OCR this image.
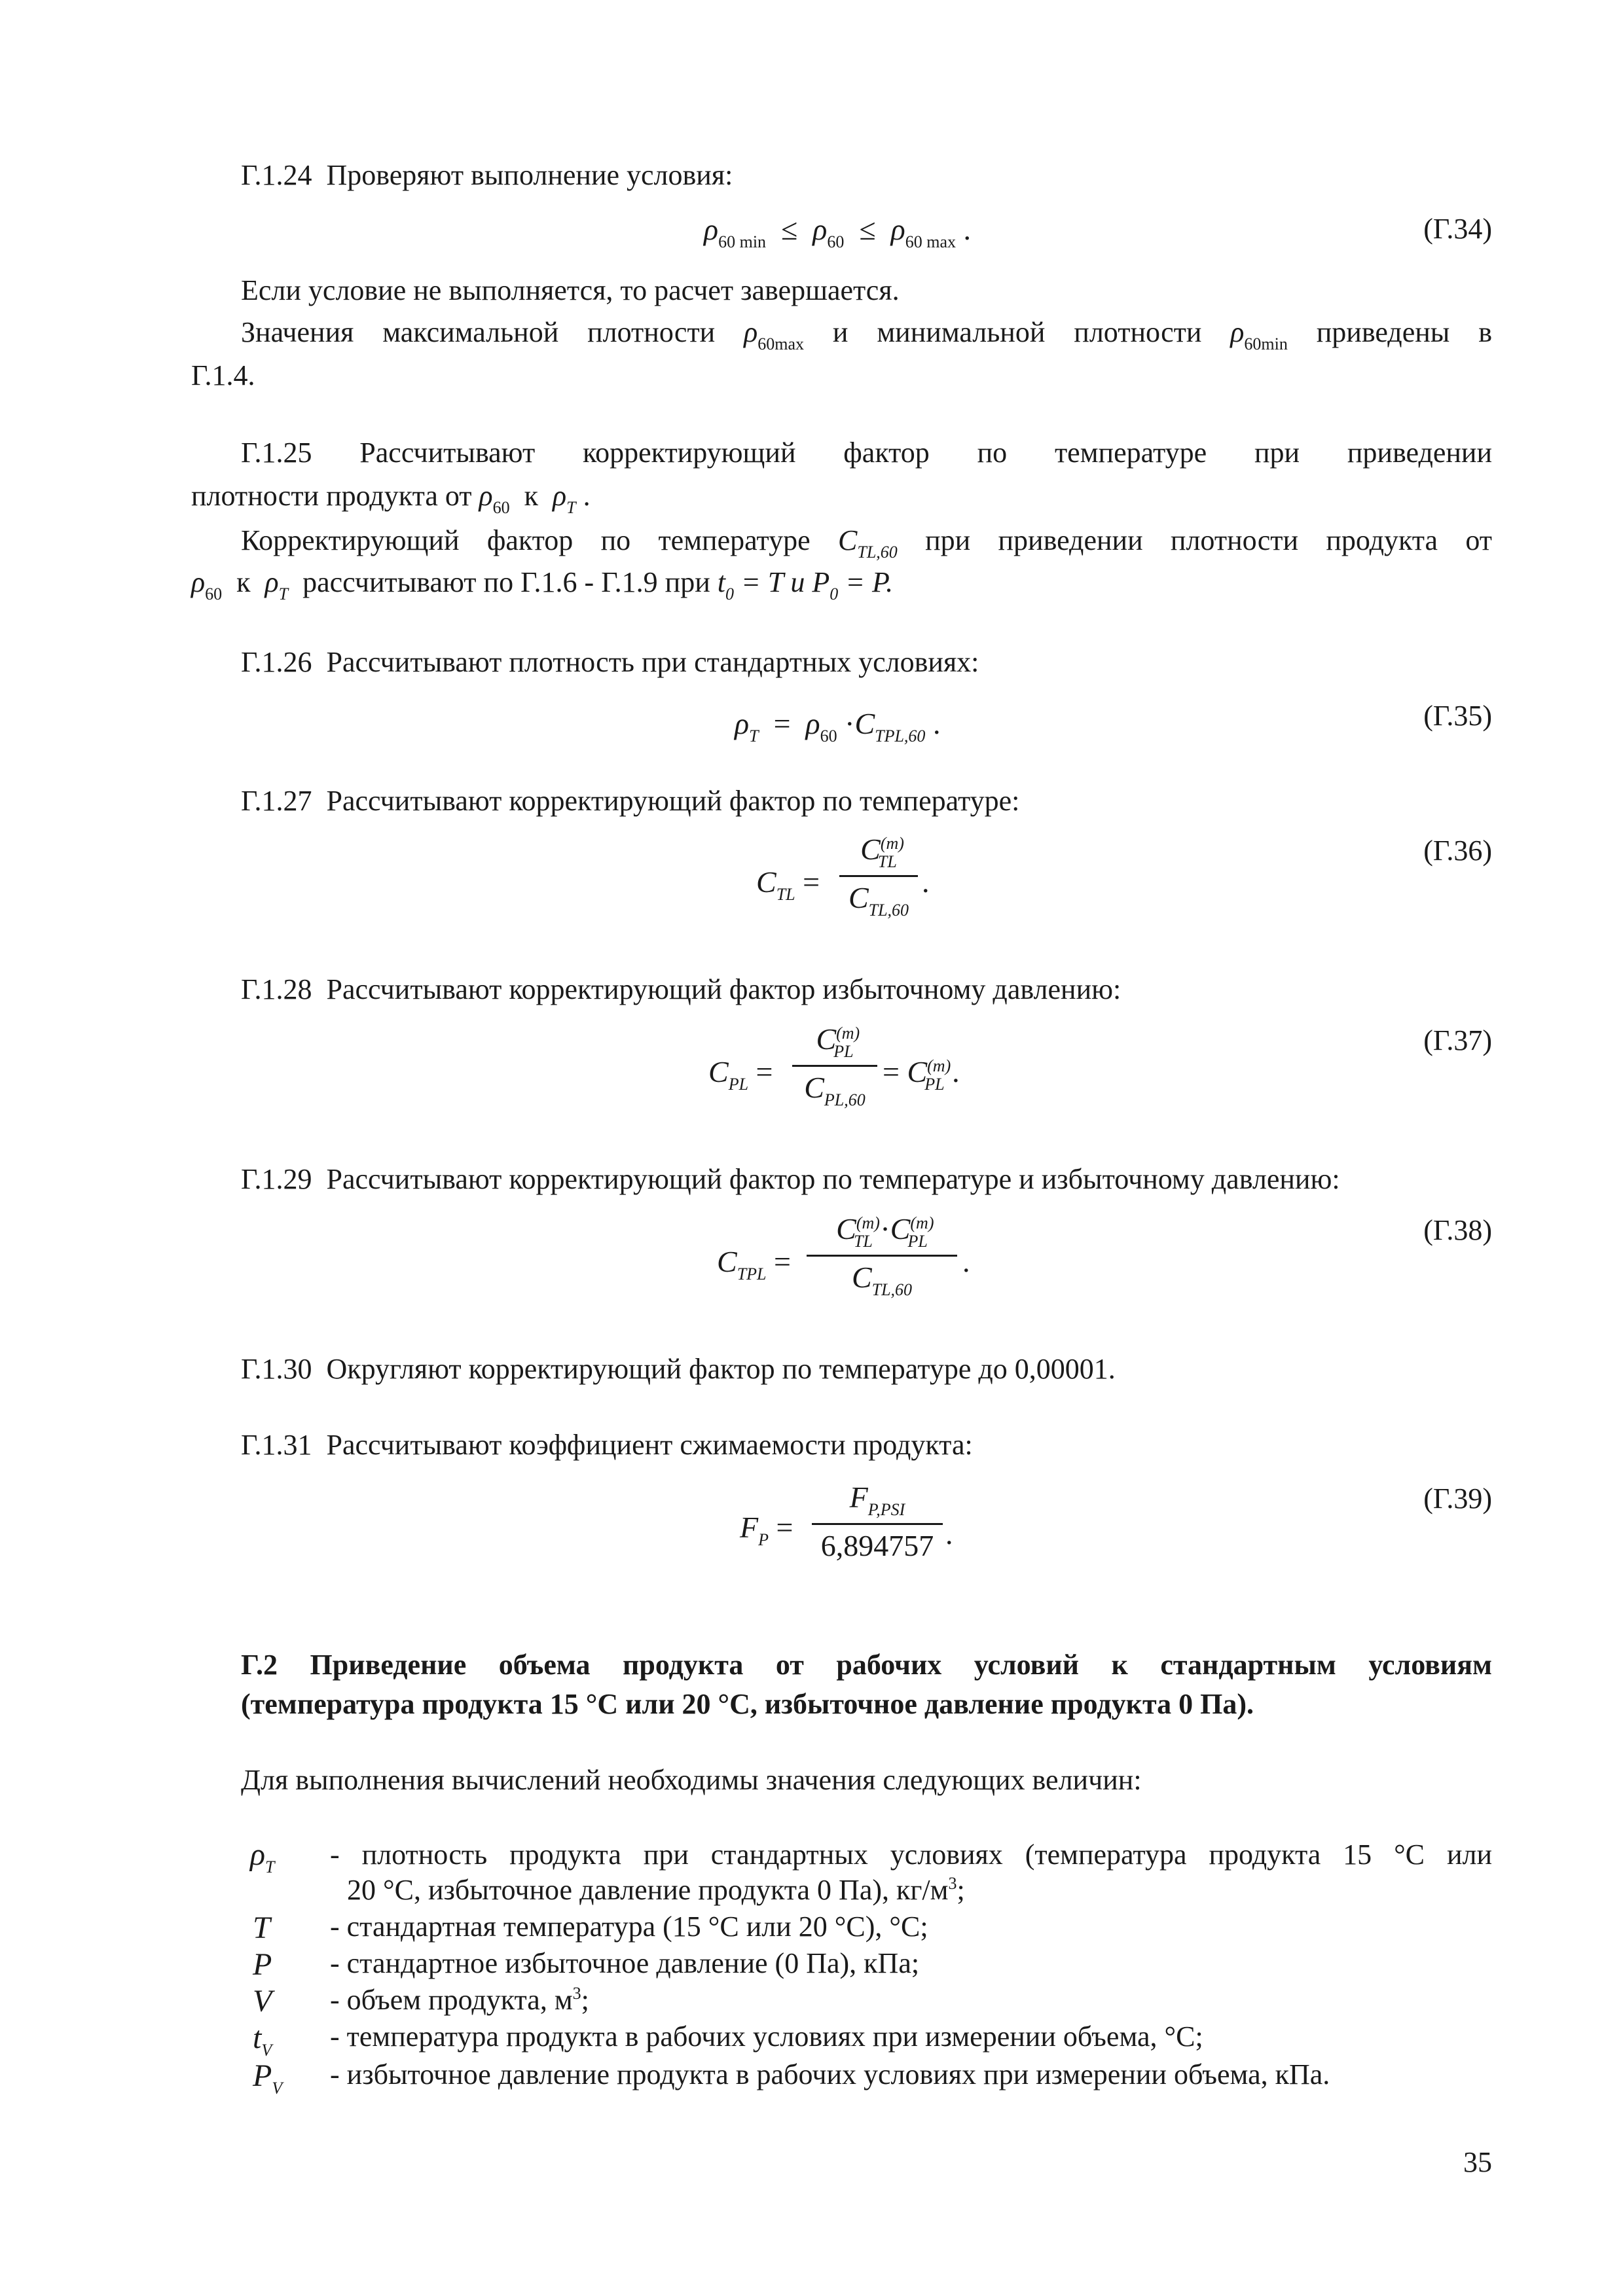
Г.1.24 Проверяют выполнение условия:
$\rho_{60 min} \le \rho_{60} \le \rho_{60 max}$ .	(Г.34)
Если условие не выполняется, то расчет завершается.
Значения максимальной плотности $\rho_{60max}$ и минимальной плотности $\rho_{60min}$ приведены в
Г.1.4.
Г.1.25 Рассчитывают корректирующий фактор по температуре при приведении
плотности продукта от $\rho_{60}$ к $\rho_T$ .
Корректирующий фактор по температуре $C_{TL,60}$ при приведении плотности продукта от
$\rho_{60}$ к $\rho_T$ рассчитывают по Г.1.6 - Г.1.9 при $t_0 = T$ и $P_0 = P$.
Г.1.26 Рассчитывают плотность при стандартных условиях:
$\rho_T = \rho_{60} \cdot C_{TPL,60}$ .	(Г.35)
Г.1.27 Рассчитывают корректирующий фактор по температуре:
$C_{TL}$ =
$C^{(m)}_{TL}$
$C_{TL,60}$
.
(Г.36)
Г.1.28 Рассчитывают корректирующий фактор избыточному давлению:
$C_{PL}$ =
$C^{(m)}_{PL}$
$C_{PL,60}$
= $C^{(m)}_{PL}$ .
(Г.37)
Г.1.29 Рассчитывают корректирующий фактор по температуре и избыточному давлению:
$C_{TPL}$ =
$C^{(m)}_{TL} \cdot C^{(m)}_{PL}$
$C_{TL,60}$
.
(Г.38)
Г.1.30 Округляют корректирующий фактор по температуре до 0,00001.
Г.1.31 Рассчитывают коэффициент сжимаемости продукта:
$F_P$ =
$F_{P,PSI}$
6,894757 .
(Г.39)
Г.2 Приведение объема продукта от рабочих условий к стандартным условиям
(температура продукта 15 °С или 20 °С, избыточное давление продукта 0 Па).
Для выполнения вычислений необходимы значения следующих величин:
$\rho_T$ - плотность продукта при стандартных условиях (температура продукта 15 °С или
20 °С, избыточное давление продукта 0 Па), $кг/м^3$;
T - стандартная температура (15 °С или 20 °С), °С;
P - стандартное избыточное давление (0 Па), кПа;
V - объем продукта, $м^3$;
$t_V$ - температура продукта в рабочих условиях при измерении объема, °С;
$P_V$ - избыточное давление продукта в рабочих условиях при измерении объема, кПа.
35
